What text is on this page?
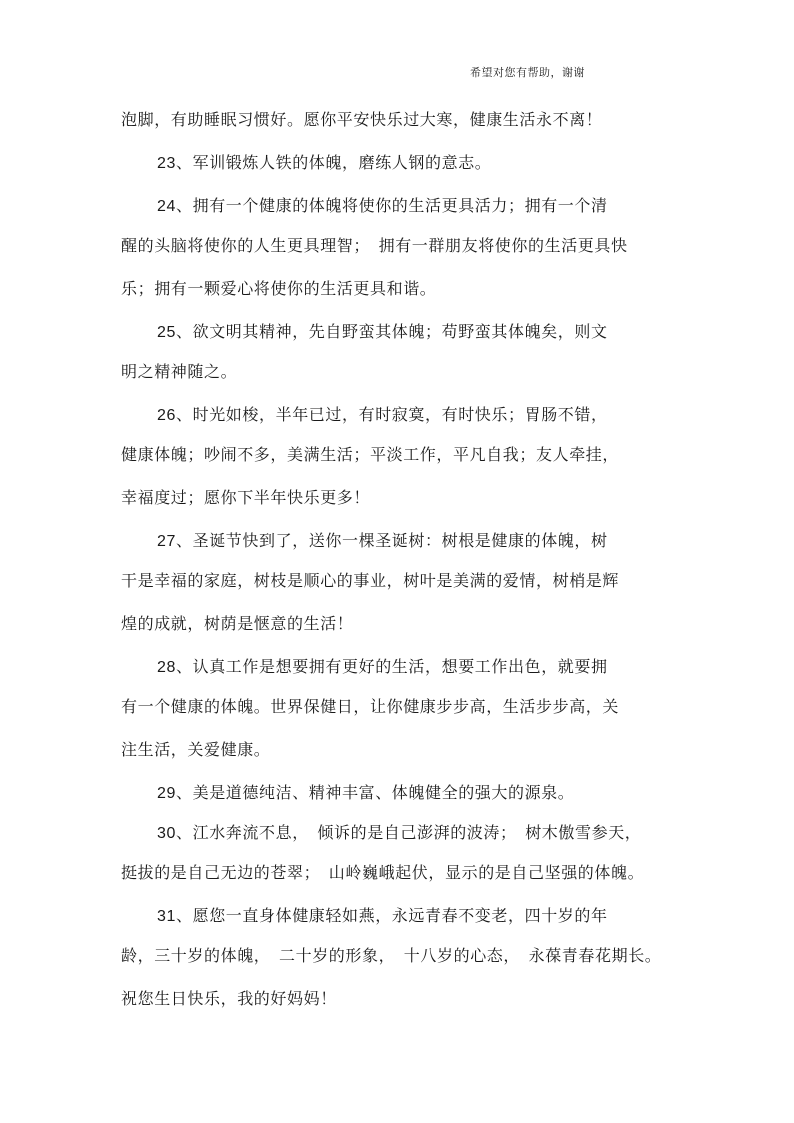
希望对您有帮助，谢谢
泡脚，有助睡眠习惯好。愿你平安快乐过大寒，健康生活永不离！
23、军训锻炼人铁的体魄，磨练人钢的意志。
24、拥有一个健康的体魄将使你的生活更具活力；拥有一个清
醒的头脑将使你的人生更具理智；　拥有一群朋友将使你的生活更具快
乐；拥有一颗爱心将使你的生活更具和谐。
25、欲文明其精神，先自野蛮其体魄；苟野蛮其体魄矣，则文
明之精神随之。
26、时光如梭，半年已过，有时寂寞，有时快乐；胃肠不错，
健康体魄；吵闹不多，美满生活；平淡工作，平凡自我；友人牵挂，
幸福度过；愿你下半年快乐更多！
27、圣诞节快到了，送你一棵圣诞树：树根是健康的体魄，树
干是幸福的家庭，树枝是顺心的事业，树叶是美满的爱情，树梢是辉
煌的成就，树荫是惬意的生活！
28、认真工作是想要拥有更好的生活，想要工作出色，就要拥
有一个健康的体魄。世界保健日，让你健康步步高，生活步步高，关
注生活，关爱健康。
29、美是道德纯洁、精神丰富、体魄健全的强大的源泉。
30、江水奔流不息，　倾诉的是自己澎湃的波涛；　树木傲雪参天，
挺拔的是自己无边的苍翠；　山岭巍峨起伏，显示的是自己坚强的体魄。
31、愿您一直身体健康轻如燕，永远青春不变老，四十岁的年
龄，三十岁的体魄，　二十岁的形象，　十八岁的心态，　永葆青春花期长。
祝您生日快乐，我的好妈妈！
